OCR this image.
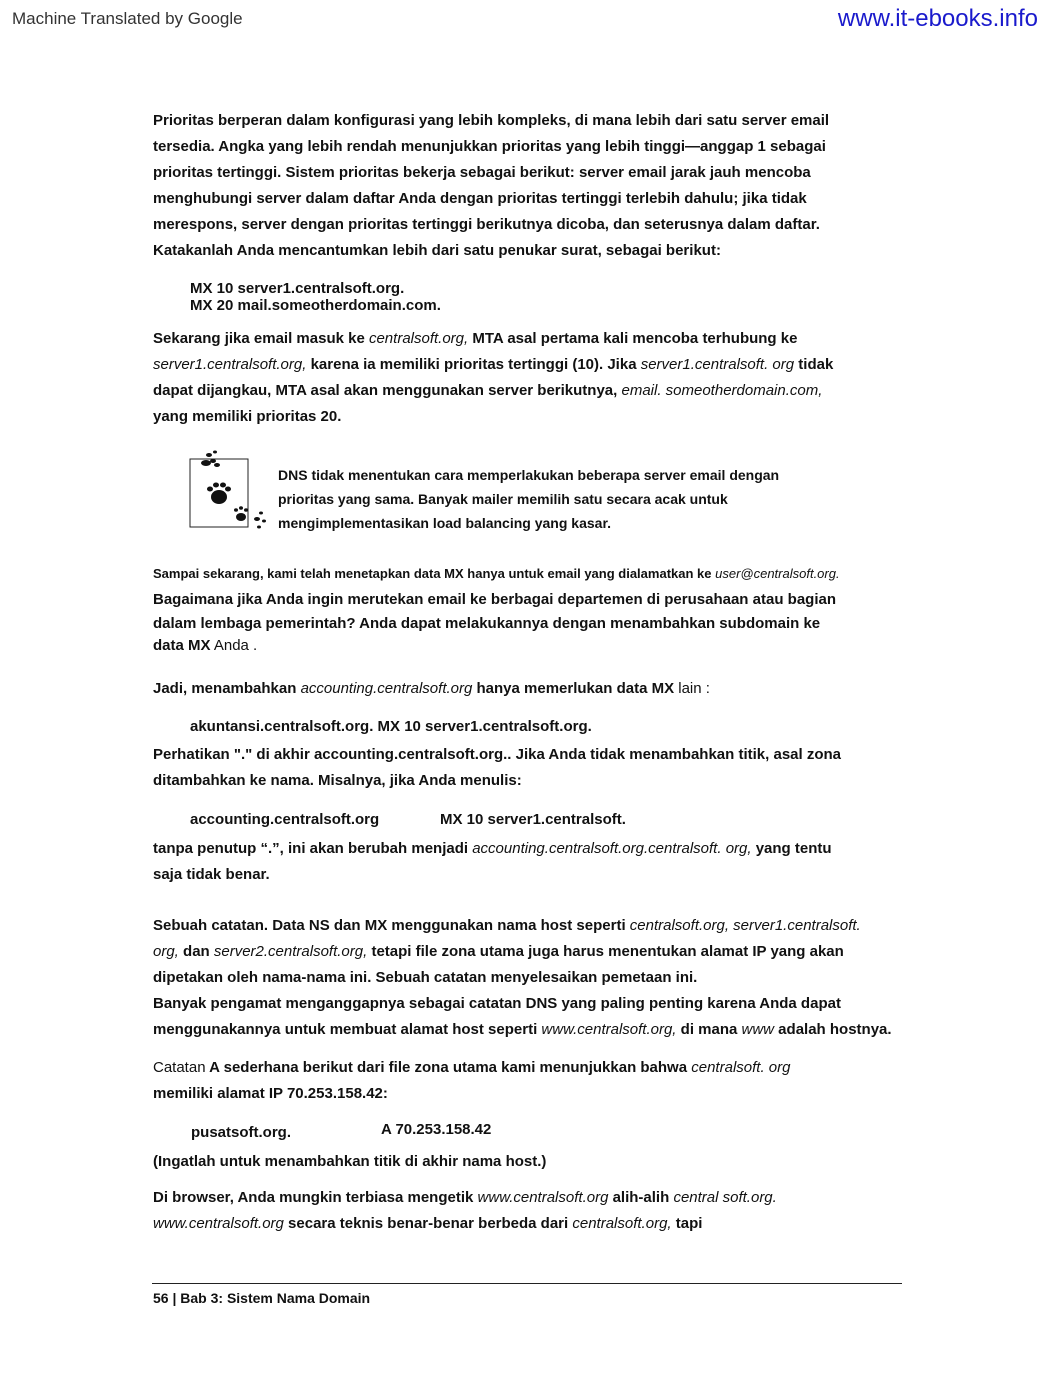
Machine Translated by Google	www.it-ebooks.info
Prioritas berperan dalam konfigurasi yang lebih kompleks, di mana lebih dari satu server email
tersedia. Angka yang lebih rendah menunjukkan prioritas yang lebih tinggi—anggap 1 sebagai
prioritas tertinggi. Sistem prioritas bekerja sebagai berikut: server email jarak jauh mencoba
menghubungi server dalam daftar Anda dengan prioritas tertinggi terlebih dahulu; jika tidak
merespons, server dengan prioritas tertinggi berikutnya dicoba, dan seterusnya dalam daftar.
Katakanlah Anda mencantumkan lebih dari satu penukar surat, sebagai berikut:
MX 10 server1.centralsoft.org.
MX 20 mail.someotherdomain.com.
Sekarang jika email masuk ke centralsoft.org, MTA asal pertama kali mencoba terhubung ke
server1.centralsoft.org, karena ia memiliki prioritas tertinggi (10). Jika server1.centralsoft. org tidak
dapat dijangkau, MTA asal akan menggunakan server berikutnya, email. someotherdomain.com,
yang memiliki prioritas 20.
DNS tidak menentukan cara memperlakukan beberapa server email dengan
prioritas yang sama. Banyak mailer memilih satu secara acak untuk
mengimplementasikan load balancing yang kasar.
Sampai sekarang, kami telah menetapkan data MX hanya untuk email yang dialamatkan ke user@centralsoft.org.
Bagaimana jika Anda ingin merutekan email ke berbagai departemen di perusahaan atau bagian
dalam lembaga pemerintah? Anda dapat melakukannya dengan menambahkan subdomain ke
data MX Anda .
Jadi, menambahkan accounting.centralsoft.org hanya memerlukan data MX lain :
akuntansi.centralsoft.org. MX 10 server1.centralsoft.org.
Perhatikan "." di akhir accounting.centralsoft.org.. Jika Anda tidak menambahkan titik, asal zona
ditambahkan ke nama. Misalnya, jika Anda menulis:
accounting.centralsoft.org	MX 10 server1.centralsoft.
tanpa penutup “.”, ini akan berubah menjadi accounting.centralsoft.org.centralsoft. org, yang tentu
saja tidak benar.
Sebuah catatan. Data NS dan MX menggunakan nama host seperti centralsoft.org, server1.centralsoft.
org, dan server2.centralsoft.org, tetapi file zona utama juga harus menentukan alamat IP yang akan
dipetakan oleh nama-nama ini. Sebuah catatan menyelesaikan pemetaan ini.
Banyak pengamat menganggapnya sebagai catatan DNS yang paling penting karena Anda dapat
menggunakannya untuk membuat alamat host seperti www.centralsoft.org, di mana www adalah hostnya.
Catatan A sederhana berikut dari file zona utama kami menunjukkan bahwa centralsoft. org
memiliki alamat IP 70.253.158.42:
pusatsoft.org.	A 70.253.158.42
(Ingatlah untuk menambahkan titik di akhir nama host.)
Di browser, Anda mungkin terbiasa mengetik www.centralsoft.org alih-alih central soft.org.
www.centralsoft.org secara teknis benar-benar berbeda dari centralsoft.org, tapi
56 | Bab 3: Sistem Nama Domain
